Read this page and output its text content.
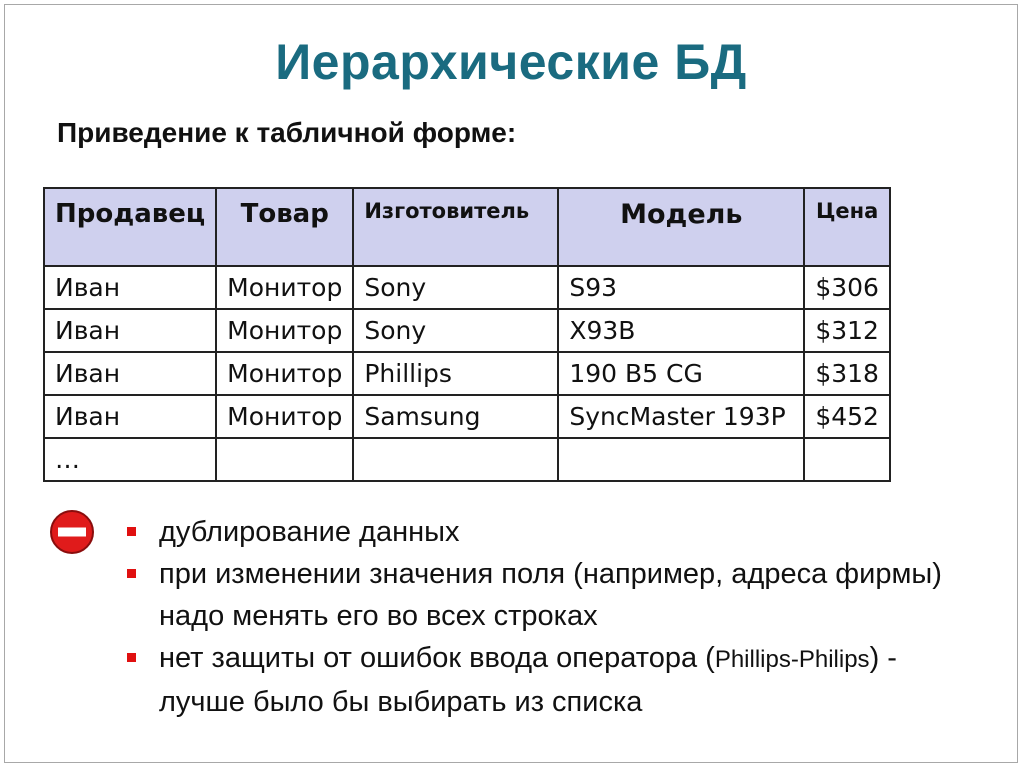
Иерархические БД
Приведение к табличной форме:
Продавец	Товар	Изготовитель	Модель	Цена
Иван	Монитор	Sony	S93	$306
Иван	Монитор	Sony	X93B	$312
Иван	Монитор	Phillips	190 B5 CG	$318
Иван	Монитор	Samsung	SyncMaster 193P	$452
…				
дублирование данных
при изменении значения поля (например, адреса фирмы) надо менять его во всех строках
нет защиты от ошибок ввода оператора (Phillips-Philips) - лучше было бы выбирать из списка
